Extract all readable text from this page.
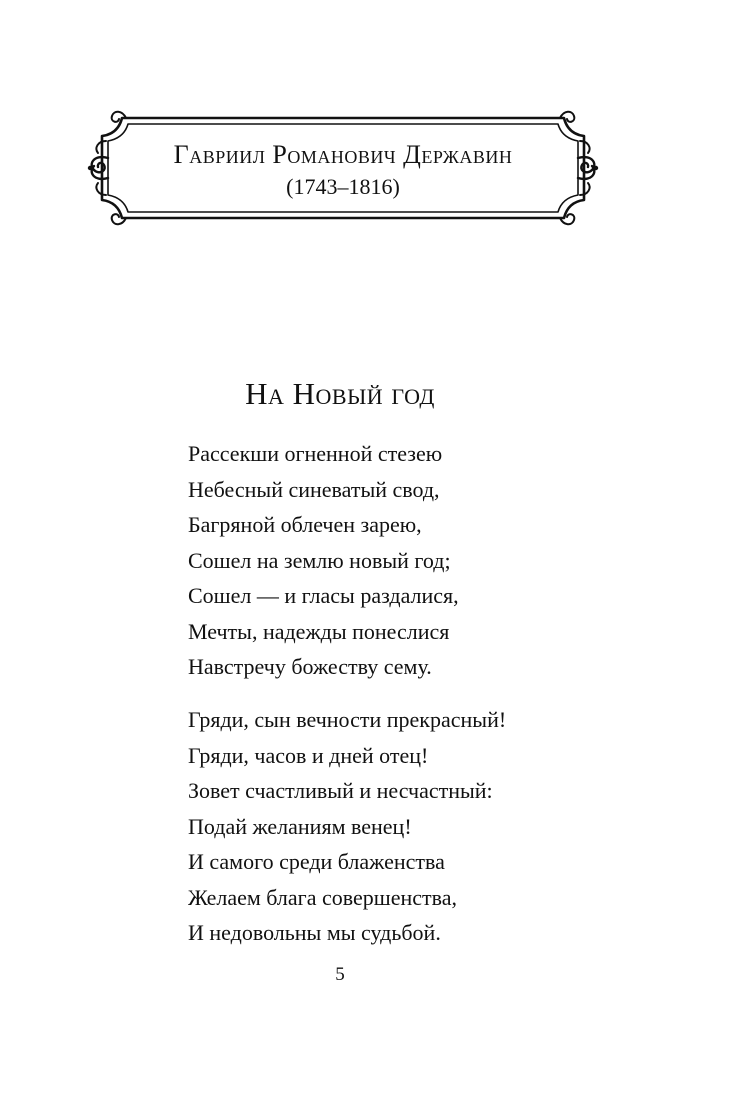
Гавриил Романович Державин
(1743–1816)
На Новый год
Рассекши огненной стезею
Небесный синеватый свод,
Багряной облечен зарею,
Сошел на землю новый год;
Сошел — и гласы раздалися,
Мечты, надежды понеслися
Навстречу божеству сему.
Гряди, сын вечности прекрасный!
Гряди, часов и дней отец!
Зовет счастливый и несчастный:
Подай желаниям венец!
И самого среди блаженства
Желаем блага совершенства,
И недовольны мы судьбой.
5
